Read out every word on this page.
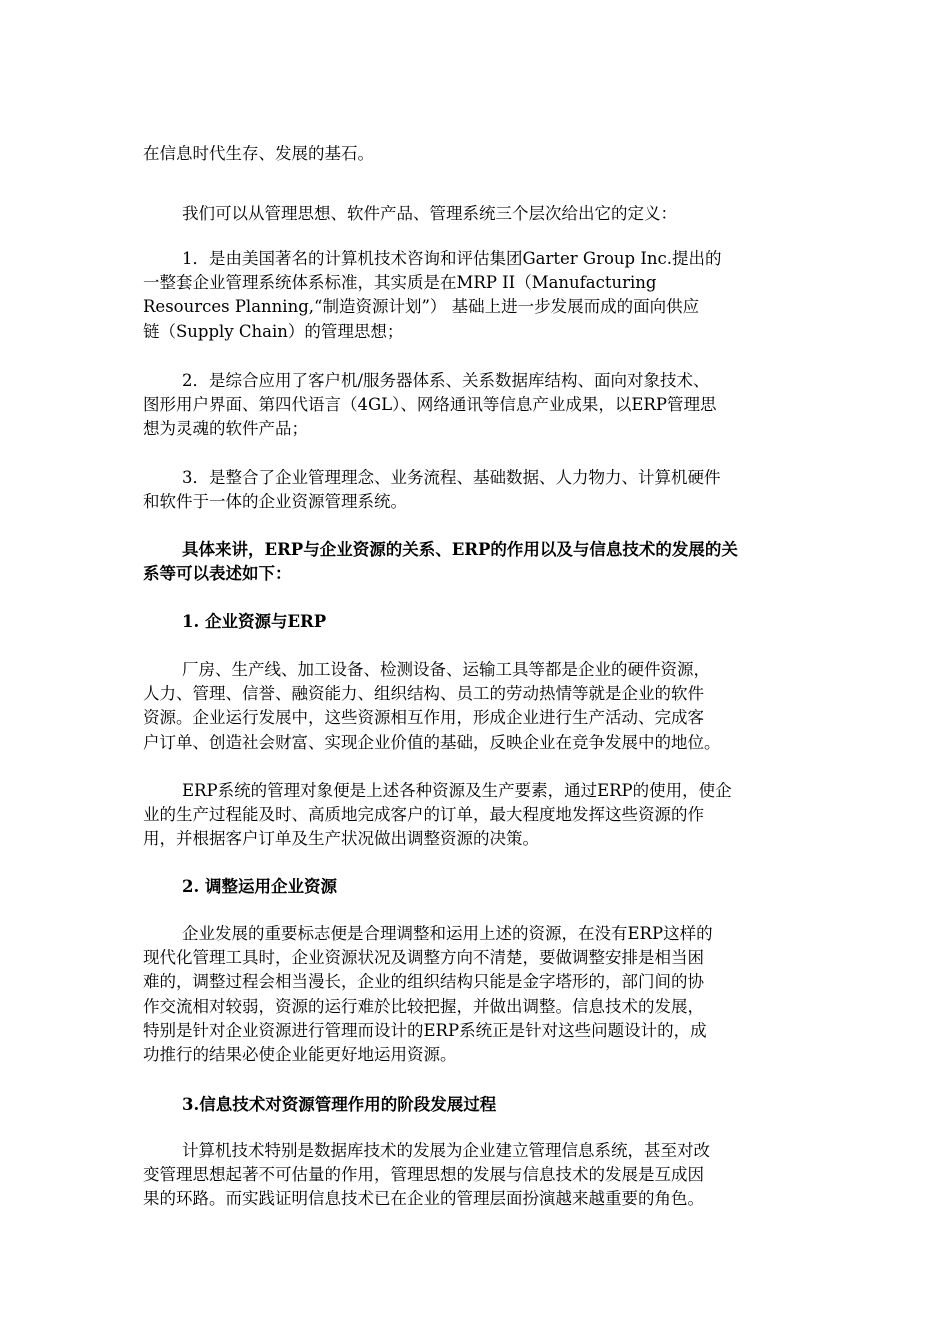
在信息时代生存、发展的基石。
我们可以从管理思想、软件产品、管理系统三个层次给出它的定义：
1．是由美国著名的计算机技术咨询和评估集团Garter Group Inc.提出的
一整套企业管理系统体系标准，其实质是在MRP II（Manufacturing
Resources Planning,“制造资源计划”） 基础上进一步发展而成的面向供应
链（Supply Chain）的管理思想；
2．是综合应用了客户机/服务器体系、关系数据库结构、面向对象技术、
图形用户界面、第四代语言（4GL）、网络通讯等信息产业成果，以ERP管理思
想为灵魂的软件产品；
3．是整合了企业管理理念、业务流程、基础数据、人力物力、计算机硬件
和软件于一体的企业资源管理系统。
具体来讲，ERP与企业资源的关系、ERP的作用以及与信息技术的发展的关
系等可以表述如下：
1. 企业资源与ERP
厂房、生产线、加工设备、检测设备、运输工具等都是企业的硬件资源，
人力、管理、信誉、融资能力、组织结构、员工的劳动热情等就是企业的软件
资源。企业运行发展中，这些资源相互作用，形成企业进行生产活动、完成客
户订单、创造社会财富、实现企业价值的基础，反映企业在竞争发展中的地位。
ERP系统的管理对象便是上述各种资源及生产要素，通过ERP的使用，使企
业的生产过程能及时、高质地完成客户的订单，最大程度地发挥这些资源的作
用，并根据客户订单及生产状况做出调整资源的决策。
2. 调整运用企业资源
企业发展的重要标志便是合理调整和运用上述的资源，在没有ERP这样的
现代化管理工具时，企业资源状况及调整方向不清楚，要做调整安排是相当困
难的，调整过程会相当漫长，企业的组织结构只能是金字塔形的，部门间的协
作交流相对较弱，资源的运行难於比较把握，并做出调整。信息技术的发展，
特别是针对企业资源进行管理而设计的ERP系统正是针对这些问题设计的，成
功推行的结果必使企业能更好地运用资源。
3.信息技术对资源管理作用的阶段发展过程
计算机技术特别是数据库技术的发展为企业建立管理信息系统，甚至对改
变管理思想起著不可估量的作用，管理思想的发展与信息技术的发展是互成因
果的环路。而实践证明信息技术已在企业的管理层面扮演越来越重要的角色。
